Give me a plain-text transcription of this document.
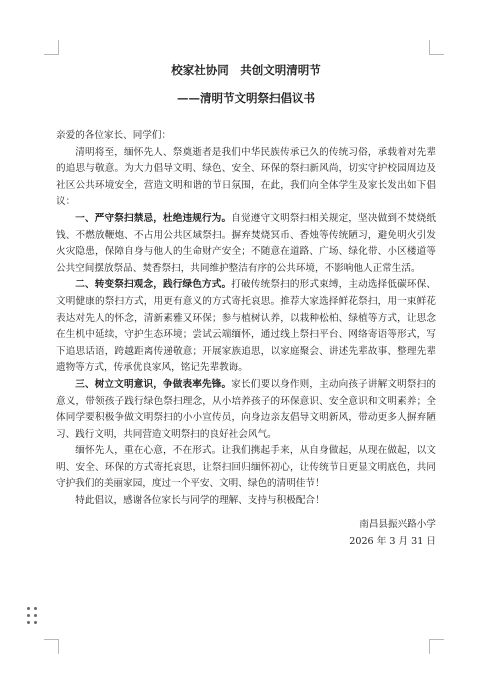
校家社协同　共创文明清明节

——清明节文明祭扫倡议书

亲爱的各位家长、同学们：

清明将至，缅怀先人、祭奠逝者是我们中华民族传承已久的传统习俗，承载着对先辈的追思与敬意。为大力倡导文明、绿色、安全、环保的祭扫新风尚，切实守护校园周边及社区公共环境安全，营造文明和谐的节日氛围，在此，我们向全体学生及家长发出如下倡议：

一、严守祭扫禁忌，杜绝违规行为。自觉遵守文明祭扫相关规定，坚决做到不焚烧纸钱、不燃放鞭炮、不占用公共区域祭扫。摒弃焚烧冥币、香烛等传统陋习，避免明火引发火灾隐患，保障自身与他人的生命财产安全；不随意在道路、广场、绿化带、小区楼道等公共空间摆放祭品、焚香祭扫，共同维护整洁有序的公共环境，不影响他人正常生活。

二、转变祭扫观念，践行绿色方式。打破传统祭扫的形式束缚，主动选择低碳环保、文明健康的祭扫方式，用更有意义的方式寄托哀思。推荐大家选择鲜花祭扫，用一束鲜花表达对先人的怀念，清新素雅又环保；参与植树认养，以栽种松柏、绿植等方式，让思念在生机中延续，守护生态环境；尝试云端缅怀，通过线上祭扫平台、网络寄语等形式，写下追思话语，跨越距离传递敬意；开展家族追思，以家庭聚会、讲述先辈故事、整理先辈遗物等方式，传承优良家风，铭记先辈教诲。

三、树立文明意识，争做表率先锋。家长们要以身作则，主动向孩子讲解文明祭扫的意义，带领孩子践行绿色祭扫理念，从小培养孩子的环保意识、安全意识和文明素养；全体同学要积极争做文明祭扫的小小宣传员，向身边亲友倡导文明新风，带动更多人摒弃陋习、践行文明，共同营造文明祭扫的良好社会风气。

缅怀先人，重在心意，不在形式。让我们携起手来，从自身做起，从现在做起，以文明、安全、环保的方式寄托哀思，让祭扫回归缅怀初心，让传统节日更显文明底色，共同守护我们的美丽家园，度过一个平安、文明、绿色的清明佳节！

特此倡议，感谢各位家长与同学的理解、支持与积极配合！

南昌县振兴路小学
2026 年 3 月 31 日
